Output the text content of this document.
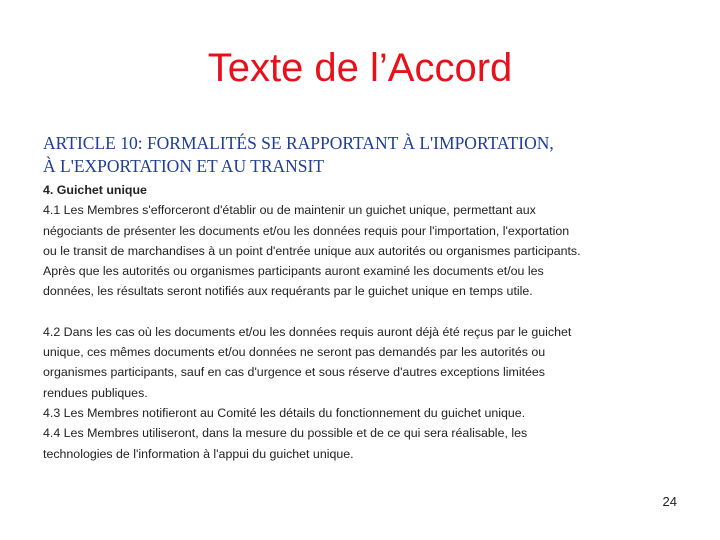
Texte de l’Accord
ARTICLE 10: FORMALITÉS SE RAPPORTANT À L'IMPORTATION,
À L'EXPORTATION ET AU TRANSIT
4. Guichet unique
4.1 Les Membres s'efforceront d'établir ou de maintenir un guichet unique, permettant aux
négociants de présenter les documents et/ou les données requis pour l'importation, l'exportation
ou le transit de marchandises à un point d'entrée unique aux autorités ou organismes participants.
Après que les autorités ou organismes participants auront examiné les documents et/ou les
données, les résultats seront notifiés aux requérants par le guichet unique en temps utile.
4.2 Dans les cas où les documents et/ou les données requis auront déjà été reçus par le guichet
unique, ces mêmes documents et/ou données ne seront pas demandés par les autorités ou
organismes participants, sauf en cas d'urgence et sous réserve d'autres exceptions limitées
rendues publiques.
4.3 Les Membres notifieront au Comité les détails du fonctionnement du guichet unique.
4.4 Les Membres utiliseront, dans la mesure du possible et de ce qui sera réalisable, les
technologies de l'information à l'appui du guichet unique.
24
